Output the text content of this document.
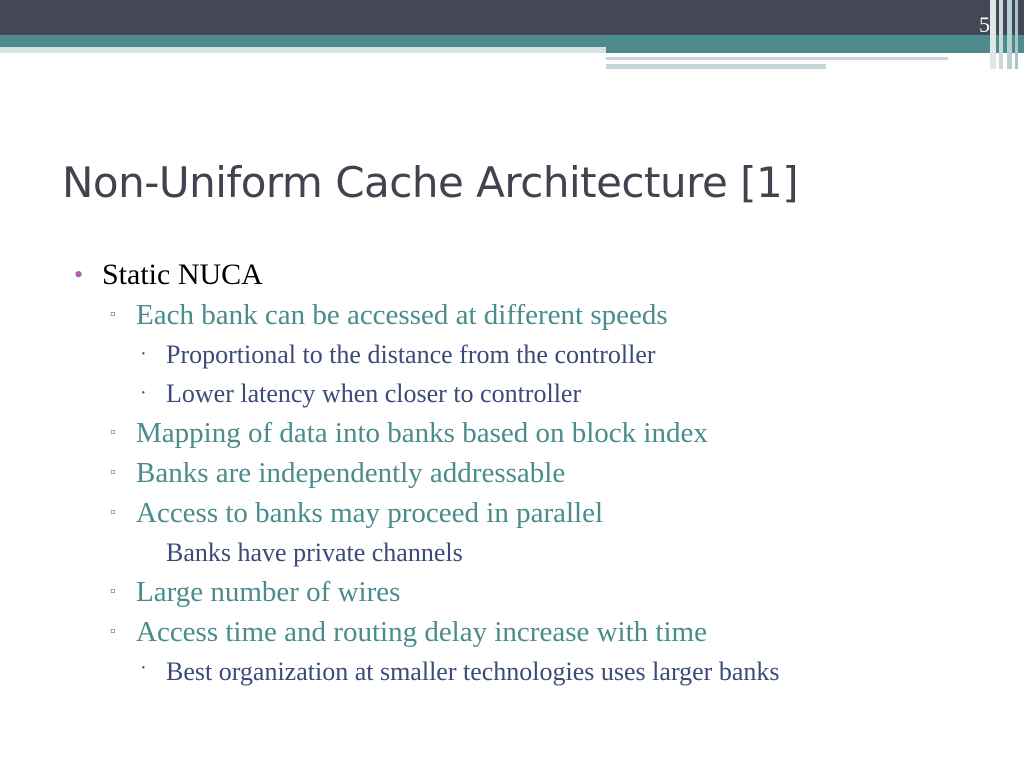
5
Non-Uniform Cache Architecture [1]
• Static NUCA
▫ Each bank can be accessed at different speeds
· Proportional to the distance from the controller
· Lower latency when closer to controller
▫ Mapping of data into banks based on block index
▫ Banks are independently addressable
▫ Access to banks may proceed in parallel
Banks have private channels
▫ Large number of wires
▫ Access time and routing delay increase with time
· Best organization at smaller technologies uses larger banks
